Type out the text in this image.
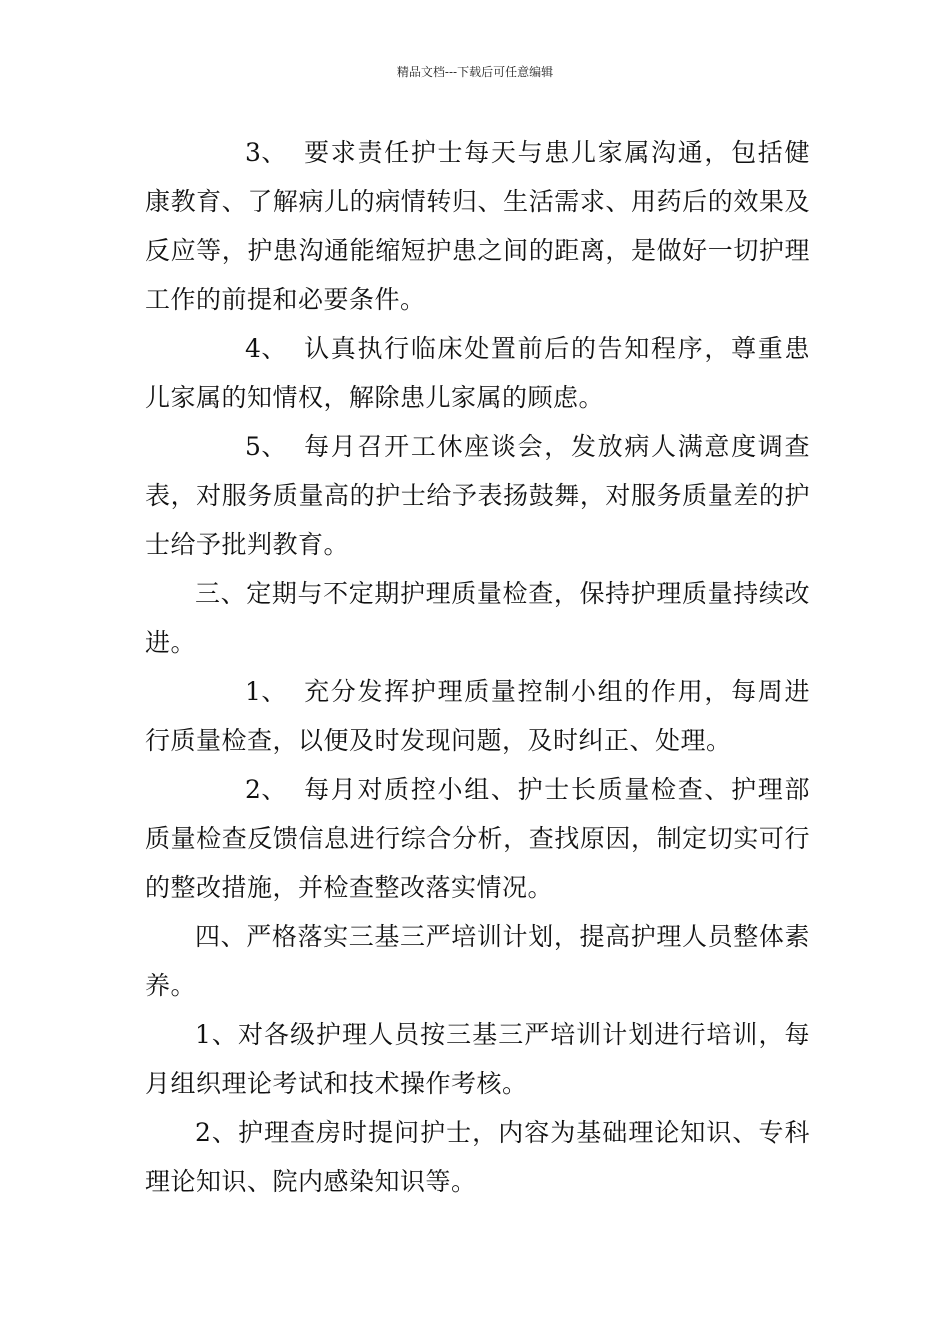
精品文档---下载后可任意编辑

3、 要求责任护士每天与患儿家属沟通，包括健康教育、了解病儿的病情转归、生活需求、用药后的效果及反应等，护患沟通能缩短护患之间的距离，是做好一切护理工作的前提和必要条件。

4、 认真执行临床处置前后的告知程序，尊重患儿家属的知情权，解除患儿家属的顾虑。

5、 每月召开工休座谈会，发放病人满意度调查表，对服务质量高的护士给予表扬鼓舞，对服务质量差的护士给予批判教育。

三、定期与不定期护理质量检查，保持护理质量持续改进。

1、 充分发挥护理质量控制小组的作用，每周进行质量检查，以便及时发现问题，及时纠正、处理。

2、 每月对质控小组、护士长质量检查、护理部质量检查反馈信息进行综合分析，查找原因，制定切实可行的整改措施，并检查整改落实情况。

四、严格落实三基三严培训计划，提高护理人员整体素养。

1、对各级护理人员按三基三严培训计划进行培训，每月组织理论考试和技术操作考核。

2、护理查房时提问护士，内容为基础理论知识、专科理论知识、院内感染知识等。
